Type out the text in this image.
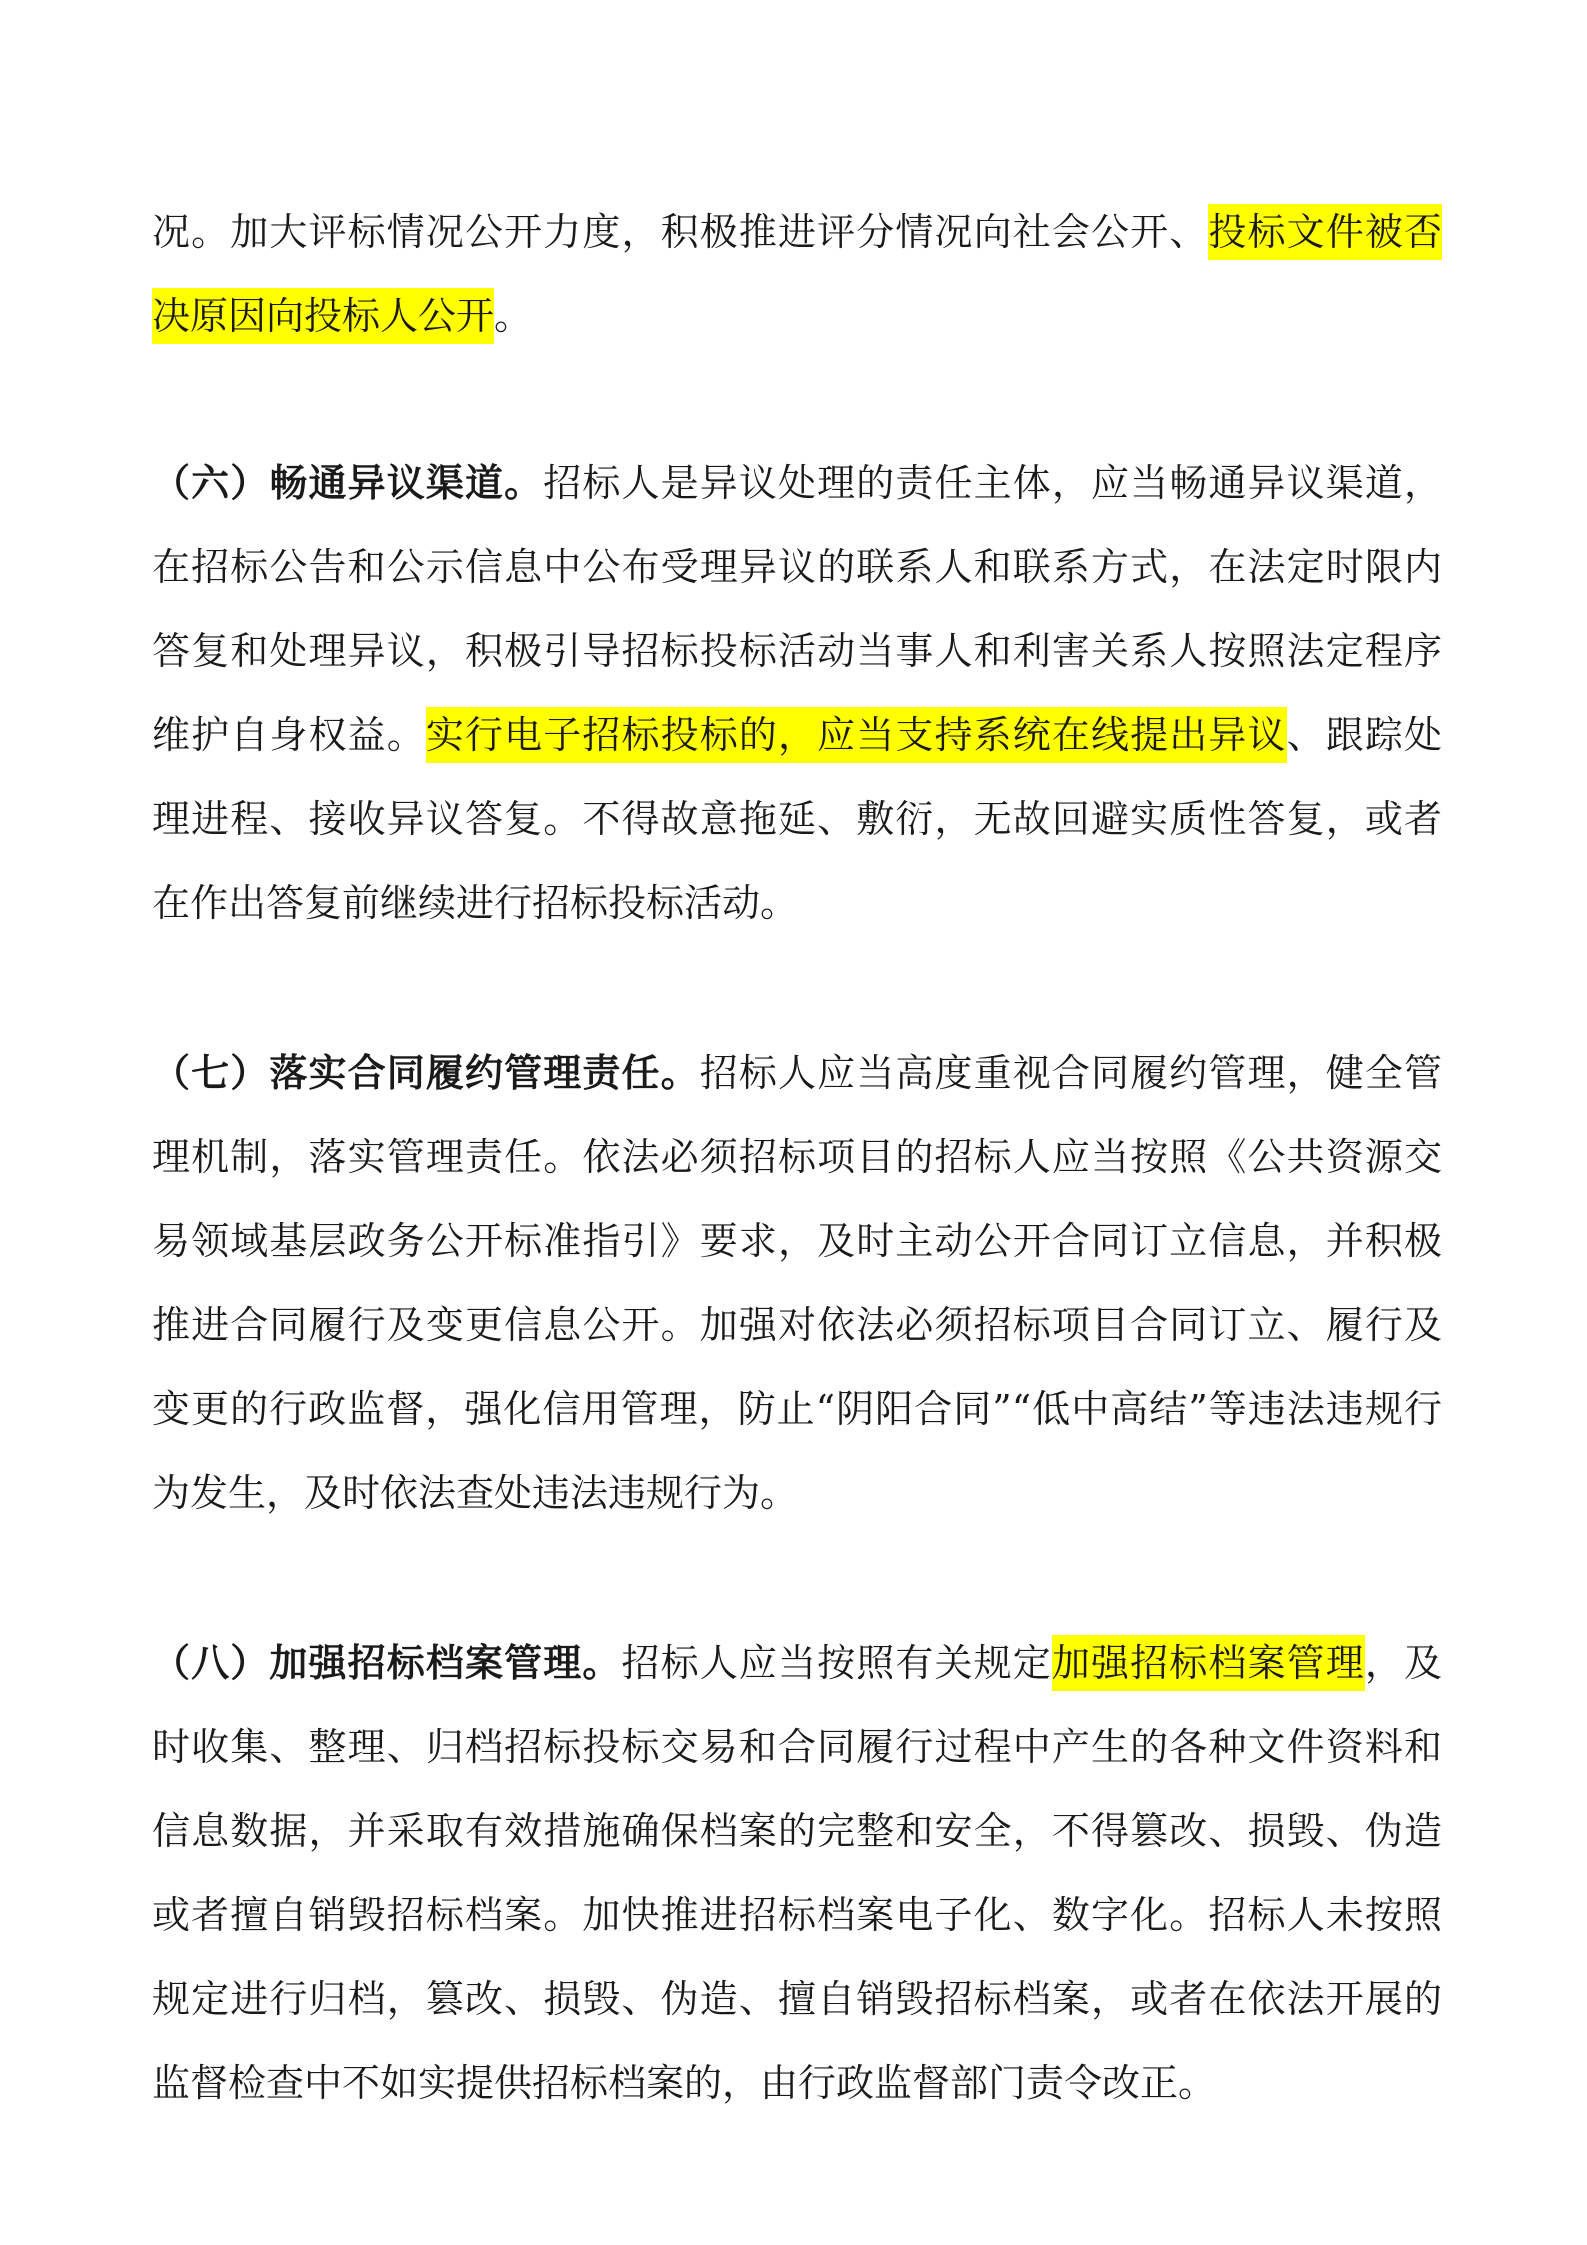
况。加大评标情况公开力度，积极推进评分情况向社会公开、投标文件被否决原因向投标人公开。

（六）畅通异议渠道。招标人是异议处理的责任主体，应当畅通异议渠道，在招标公告和公示信息中公布受理异议的联系人和联系方式，在法定时限内答复和处理异议，积极引导招标投标活动当事人和利害关系人按照法定程序维护自身权益。实行电子招标投标的，应当支持系统在线提出异议、跟踪处理进程、接收异议答复。不得故意拖延、敷衍，无故回避实质性答复，或者在作出答复前继续进行招标投标活动。

（七）落实合同履约管理责任。招标人应当高度重视合同履约管理，健全管理机制，落实管理责任。依法必须招标项目的招标人应当按照《公共资源交易领域基层政务公开标准指引》要求，及时主动公开合同订立信息，并积极推进合同履行及变更信息公开。加强对依法必须招标项目合同订立、履行及变更的行政监督，强化信用管理，防止“阴阳合同”“低中高结”等违法违规行为发生，及时依法查处违法违规行为。

（八）加强招标档案管理。招标人应当按照有关规定加强招标档案管理，及时收集、整理、归档招标投标交易和合同履行过程中产生的各种文件资料和信息数据，并采取有效措施确保档案的完整和安全，不得篡改、损毁、伪造或者擅自销毁招标档案。加快推进招标档案电子化、数字化。招标人未按照规定进行归档，篡改、损毁、伪造、擅自销毁招标档案，或者在依法开展的监督检查中不如实提供招标档案的，由行政监督部门责令改正。
